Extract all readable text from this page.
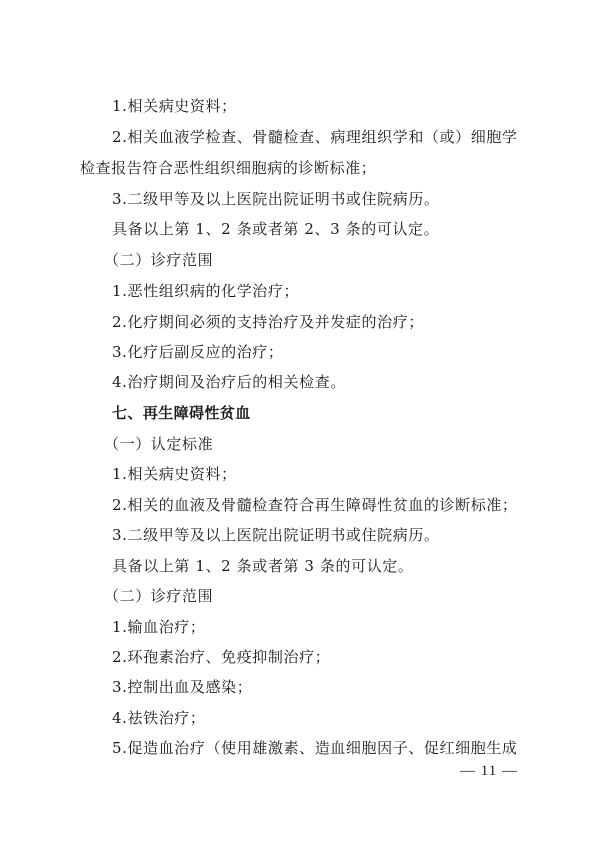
1.相关病史资料；
2.相关血液学检查、骨髓检查、病理组织学和（或）细胞学
检查报告符合恶性组织细胞病的诊断标准；
3.二级甲等及以上医院出院证明书或住院病历。
具备以上第 1、2 条或者第 2、3 条的可认定。
（二）诊疗范围
1.恶性组织病的化学治疗；
2.化疗期间必须的支持治疗及并发症的治疗；
3.化疗后副反应的治疗；
4.治疗期间及治疗后的相关检查。
七、再生障碍性贫血
（一）认定标准
1.相关病史资料；
2.相关的血液及骨髓检查符合再生障碍性贫血的诊断标准；
3.二级甲等及以上医院出院证明书或住院病历。
具备以上第 1、2 条或者第 3 条的可认定。
（二）诊疗范围
1.输血治疗；
2.环孢素治疗、免疫抑制治疗；
3.控制出血及感染；
4.祛铁治疗；
5.促造血治疗（使用雄激素、造血细胞因子、促红细胞生成
— 11 —
